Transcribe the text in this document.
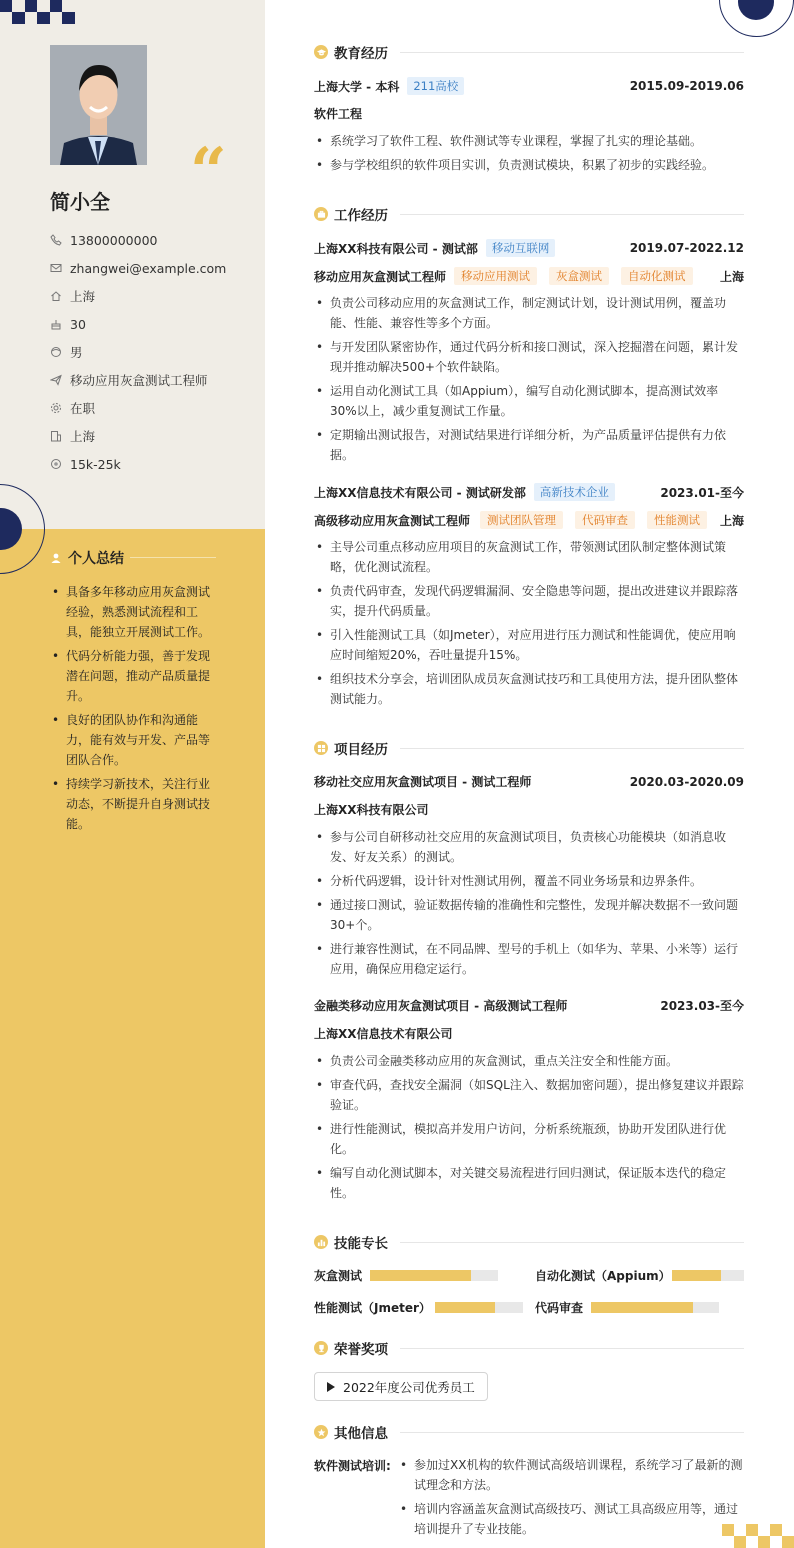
“
简小全
13800000000
zhangwei@example.com
上海
30
男
移动应用灰盒测试工程师
在职
上海
15k-25k
个人总结
• 具备多年移动应用灰盒测试经验，熟悉测试流程和工具，能独立开展测试工作。
• 代码分析能力强，善于发现潜在问题，推动产品质量提升。
• 良好的团队协作和沟通能力，能有效与开发、产品等团队合作。
• 持续学习新技术，关注行业动态，不断提升自身测试技能。
教育经历
上海大学 - 本科	211高校	2015.09-2019.06
软件工程
• 系统学习了软件工程、软件测试等专业课程，掌握了扎实的理论基础。
• 参与学校组织的软件项目实训，负责测试模块，积累了初步的实践经验。
工作经历
上海XX科技有限公司 - 测试部	移动互联网	2019.07-2022.12
移动应用灰盒测试工程师	移动应用测试	灰盒测试	自动化测试	上海
• 负责公司移动应用的灰盒测试工作，制定测试计划，设计测试用例，覆盖功能、性能、兼容性等多个方面。
• 与开发团队紧密协作，通过代码分析和接口测试，深入挖掘潜在问题，累计发现并推动解决500+个软件缺陷。
• 运用自动化测试工具（如Appium），编写自动化测试脚本，提高测试效率30%以上，减少重复测试工作量。
• 定期输出测试报告，对测试结果进行详细分析，为产品质量评估提供有力依据。
上海XX信息技术有限公司 - 测试研发部	高新技术企业	2023.01-至今
高级移动应用灰盒测试工程师	测试团队管理	代码审查	性能测试	上海
• 主导公司重点移动应用项目的灰盒测试工作，带领测试团队制定整体测试策略，优化测试流程。
• 负责代码审查，发现代码逻辑漏洞、安全隐患等问题，提出改进建议并跟踪落实，提升代码质量。
• 引入性能测试工具（如Jmeter），对应用进行压力测试和性能调优，使应用响应时间缩短20%，吞吐量提升15%。
• 组织技术分享会，培训团队成员灰盒测试技巧和工具使用方法，提升团队整体测试能力。
项目经历
移动社交应用灰盒测试项目 - 测试工程师	2020.03-2020.09
上海XX科技有限公司
• 参与公司自研移动社交应用的灰盒测试项目，负责核心功能模块（如消息收发、好友关系）的测试。
• 分析代码逻辑，设计针对性测试用例，覆盖不同业务场景和边界条件。
• 通过接口测试，验证数据传输的准确性和完整性，发现并解决数据不一致问题30+个。
• 进行兼容性测试，在不同品牌、型号的手机上（如华为、苹果、小米等）运行应用，确保应用稳定运行。
金融类移动应用灰盒测试项目 - 高级测试工程师	2023.03-至今
上海XX信息技术有限公司
• 负责公司金融类移动应用的灰盒测试，重点关注安全和性能方面。
• 审查代码，查找安全漏洞（如SQL注入、数据加密问题），提出修复建议并跟踪验证。
• 进行性能测试，模拟高并发用户访问，分析系统瓶颈，协助开发团队进行优化。
• 编写自动化测试脚本，对关键交易流程进行回归测试，保证版本迭代的稳定性。
技能专长
灰盒测试	自动化测试（Appium）
性能测试（Jmeter）	代码审查
荣誉奖项
2022年度公司优秀员工
其他信息
软件测试培训:
•	参加过XX机构的软件测试高级培训课程，系统学习了最新的测试理念和方法。
• 培训内容涵盖灰盒测试高级技巧、测试工具高级应用等，通过培训提升了专业技能。
